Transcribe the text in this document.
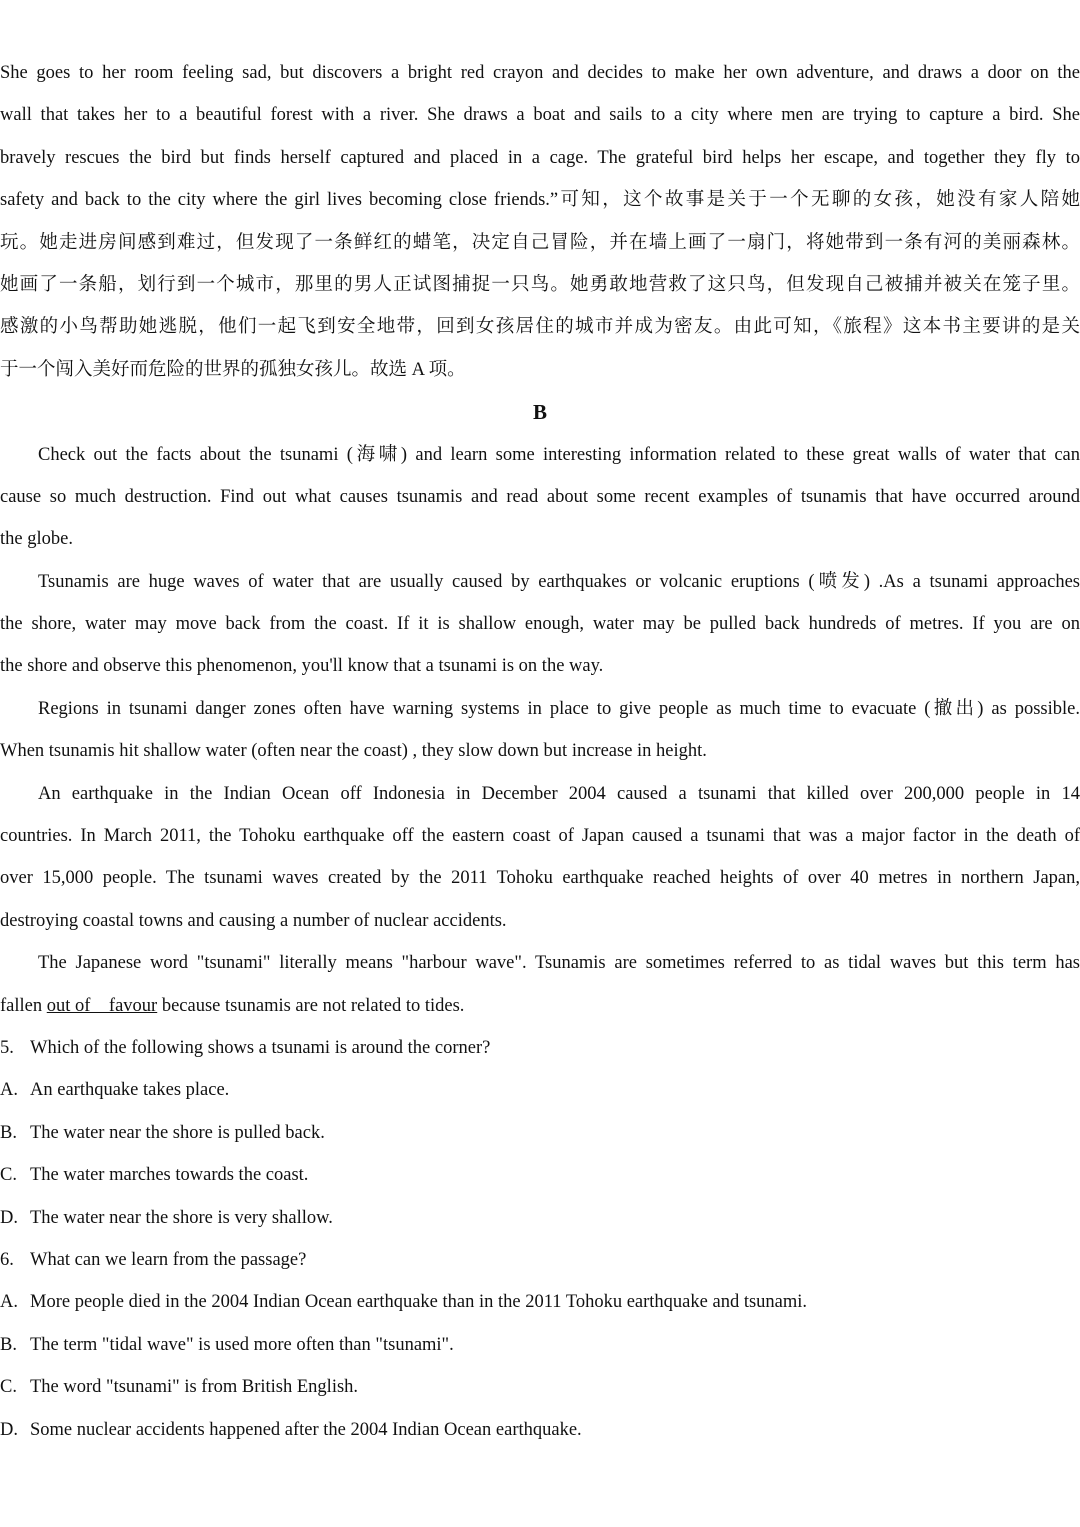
She goes to her room feeling sad, but discovers a bright red crayon and decides to make her own adventure, and draws a door on the

wall that takes her to a beautiful forest with a river. She draws a boat and sails to a city where men are trying to capture a bird. She

bravely rescues the bird but finds herself captured and placed in a cage. The grateful bird helps her escape, and together they fly to

safety and back to the city where the girl lives becoming close friends.”可知，这个故事是关于一个无聊的女孩，她没有家人陪她

玩。她走进房间感到难过，但发现了一条鲜红的蜡笔，决定自己冒险，并在墙上画了一扇门，将她带到一条有河的美丽森林。

她画了一条船，划行到一个城市，那里的男人正试图捕捉一只鸟。她勇敢地营救了这只鸟，但发现自己被捕并被关在笼子里。

感激的小鸟帮助她逃脱，他们一起飞到安全地带，回到女孩居住的城市并成为密友。由此可知，《旅程》这本书主要讲的是关

于一个闯入美好而危险的世界的孤独女孩儿。故选 A 项。

B

Check out the facts about the tsunami (海啸) and learn some interesting information related to these great walls of water that can

cause so much destruction. Find out what causes tsunamis and read about some recent examples of tsunamis that have occurred around

the globe.

Tsunamis are huge waves of water that are usually caused by earthquakes or volcanic eruptions (喷发) .As a tsunami approaches

the shore, water may move back from the coast. If it is shallow enough, water may be pulled back hundreds of metres. If you are on

the shore and observe this phenomenon, you'll know that a tsunami is on the way.

Regions in tsunami danger zones often have warning systems in place to give people as much time to evacuate (撤出) as possible.

When tsunamis hit shallow water (often near the coast) , they slow down but increase in height.

An earthquake in the Indian Ocean off Indonesia in December 2004 caused a tsunami that killed over 200,000 people in 14

countries. In March 2011, the Tohoku earthquake off the eastern coast of Japan caused a tsunami that was a major factor in the death of

over 15,000 people. The tsunami waves created by the 2011 Tohoku earthquake reached heights of over 40 metres in northern Japan,

destroying coastal towns and causing a number of nuclear accidents.

The Japanese word "tsunami" literally means "harbour wave". Tsunamis are sometimes referred to as tidal waves but this term has

fallen out of    favour because tsunamis are not related to tides.

5. Which of the following shows a tsunami is around the corner?

A. An earthquake takes place.

B. The water near the shore is pulled back.

C. The water marches towards the coast.

D. The water near the shore is very shallow.

6. What can we learn from the passage?

A. More people died in the 2004 Indian Ocean earthquake than in the 2011 Tohoku earthquake and tsunami.

B. The term "tidal wave" is used more often than "tsunami".

C. The word "tsunami" is from British English.

D. Some nuclear accidents happened after the 2004 Indian Ocean earthquake.
